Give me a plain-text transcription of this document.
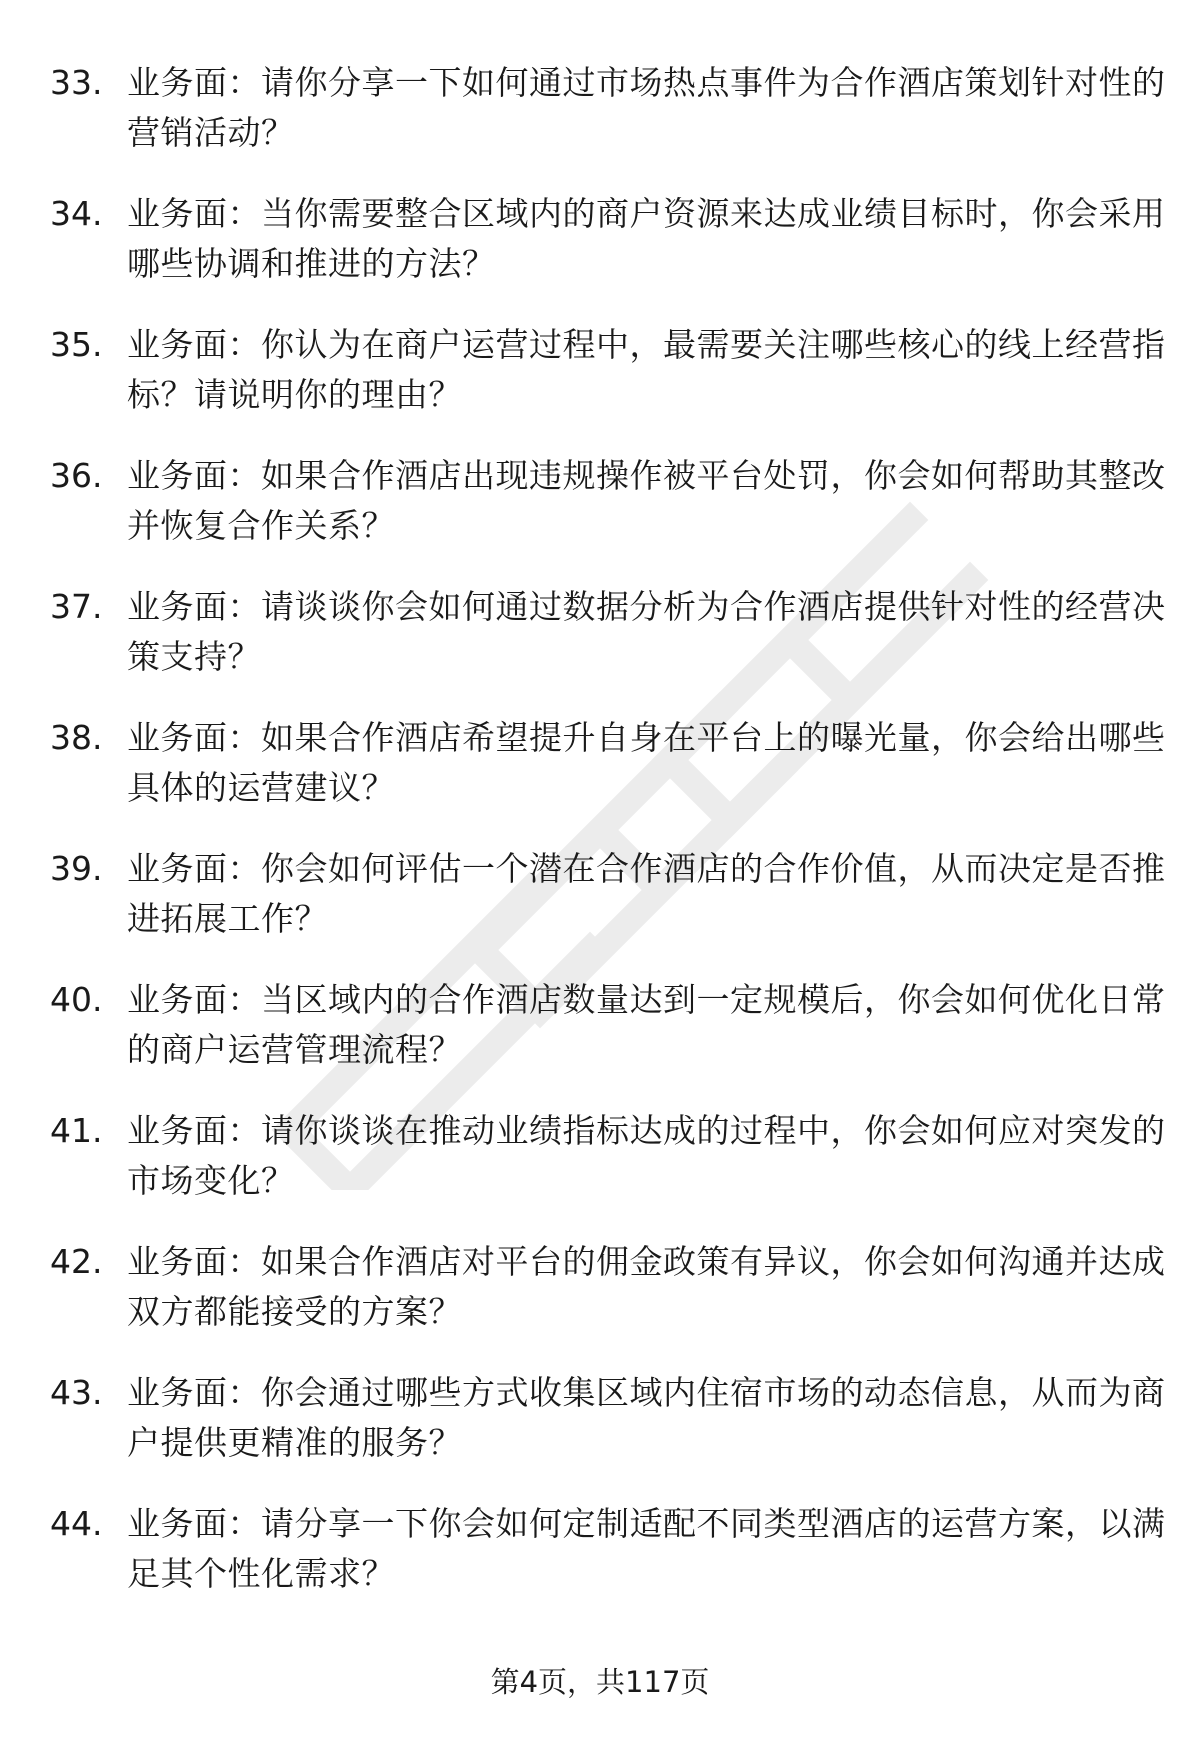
33. 业务面：请你分享一下如何通过市场热点事件为合作酒店策划针对性的营销活动？
34. 业务面：当你需要整合区域内的商户资源来达成业绩目标时，你会采用哪些协调和推进的方法？
35. 业务面：你认为在商户运营过程中，最需要关注哪些核心的线上经营指标？请说明你的理由？
36. 业务面：如果合作酒店出现违规操作被平台处罚，你会如何帮助其整改并恢复合作关系？
37. 业务面：请谈谈你会如何通过数据分析为合作酒店提供针对性的经营决策支持？
38. 业务面：如果合作酒店希望提升自身在平台上的曝光量，你会给出哪些具体的运营建议？
39. 业务面：你会如何评估一个潜在合作酒店的合作价值，从而决定是否推进拓展工作？
40. 业务面：当区域内的合作酒店数量达到一定规模后，你会如何优化日常的商户运营管理流程？
41. 业务面：请你谈谈在推动业绩指标达成的过程中，你会如何应对突发的市场变化？
42. 业务面：如果合作酒店对平台的佣金政策有异议，你会如何沟通并达成双方都能接受的方案？
43. 业务面：你会通过哪些方式收集区域内住宿市场的动态信息，从而为商户提供更精准的服务？
44. 业务面：请分享一下你会如何定制适配不同类型酒店的运营方案，以满足其个性化需求？
第4页，共117页
